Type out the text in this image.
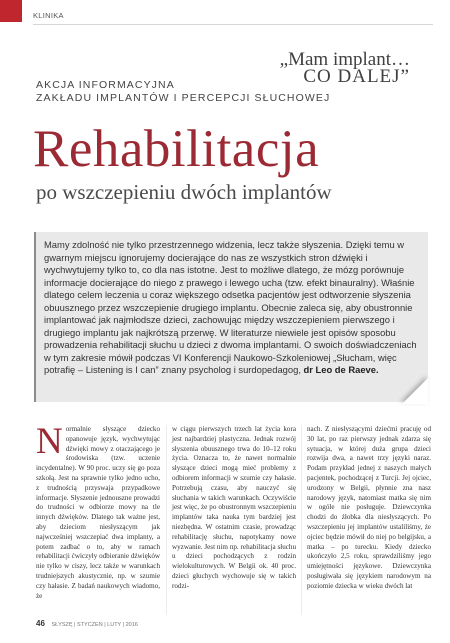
KLINIKA
„Mam implant…
CO DALEJ”
AKCJA INFORMACYJNA
ZAKŁADU IMPLANTÓW I PERCEPCJI SŁUCHOWEJ
Rehabilitacja
po wszczepieniu dwóch implantów
Mamy zdolność nie tylko przestrzennego widzenia, lecz także słyszenia. Dzięki temu w gwarnym miejscu ignorujemy docierające do nas ze wszystkich stron dźwięki i wychwytujemy tylko to, co dla nas istotne. Jest to możliwe dlatego, że mózg porównuje informacje docierające do niego z prawego i lewego ucha (tzw. efekt binauralny). Właśnie dlatego celem leczenia u coraz większego odsetka pacjentów jest odtworzenie słyszenia obuusznego przez wszczepienie drugiego implantu. Obecnie zaleca się, aby obustronnie implantować jak najmłodsze dzieci, zachowując między wszczepieniem pierwszego i drugiego implantu jak najkrótszą przerwę. W literaturze niewiele jest opisów sposobu prowadzenia rehabilitacji słuchu u dzieci z dwoma implantami. O swoich doświadczeniach w tym zakresie mówił podczas VI Konferencji Naukowo-Szkoleniowej „Słucham, więc potrafię – Listening is I can” znany psycholog i surdopedagog, dr Leo de Raeve.
Normalnie słyszące dziecko opanowuje język, wychwytując dźwięki mowy z otaczającego je środowiska (tzw. uczenie incydentalne). W 90 proc. uczy się go poza szkołą. Jest na sprawnie tylko jedno ucho, z trudnością przyswaja przypadkowe informacje. Słyszenie jednouszne prowadzi do trudności w odbiorze mowy na tle innych dźwięków. Dlatego tak ważne jest, aby dzieciom niesłyszącym jak najwcześniej wszczepiać dwa implanty, a potem zadbać o to, aby w ramach rehabilitacji ćwiczyły odbieranie dźwięków nie tylko w ciszy, lecz także w warunkach trudniejszych akustycznie, np. w szumie czy hałasie. Z badań naukowych wiadomo, że
w ciągu pierwszych trzech lat życia kora jest najbardziej plastyczna. Jednak rozwój słyszenia obuusznego trwa do 10–12 roku życia. Oznacza to, że nawet normalnie słyszące dzieci mogą mieć problemy z odbiorem informacji w szumie czy hałasie. Potrzebują czasu, aby nauczyć się słuchania w takich warunkach. Oczywiście jest więc, że po obustronnym wszczepieniu implantów taka nauka tym bardziej jest niezbędna. W ostatnim czasie, prowadząc rehabilitację słuchu, napotykamy nowe wyzwanie. Jest nim np. rehabilitacja słuchu u dzieci pochodzących z rodzin wielokulturowych. W Belgii ok. 40 proc. dzieci głuchych wychowuje się w takich rodzi-
nach. Z niesłyszącymi dziećmi pracuję od 30 lat, po raz pierwszy jednak zdarza się sytuacja, w której duża grupa dzieci rozwija dwa, a nawet trzy języki naraz. Podam przykład jednej z naszych małych pacjentek, pochodzącej z Turcji. Jej ojciec, urodzony w Belgii, płynnie zna nasz narodowy język, natomiast matka się nim w ogóle nie posługuje. Dziewczynka chodzi do żłobka dla niesłyszących. Po wszczepieniu jej implantów ustaliliśmy, że ojciec będzie mówił do niej po belgijsku, a matka – po turecku. Kiedy dziecko ukończyło 2,5 roku, sprawdziliśmy jego umiejętności językowe. Dziewczynka posługiwała się językiem narodowym na poziomie dziecka w wieku dwóch lat
46 SŁYSZĘ | STYCZEŃ | LUTY | 2016
